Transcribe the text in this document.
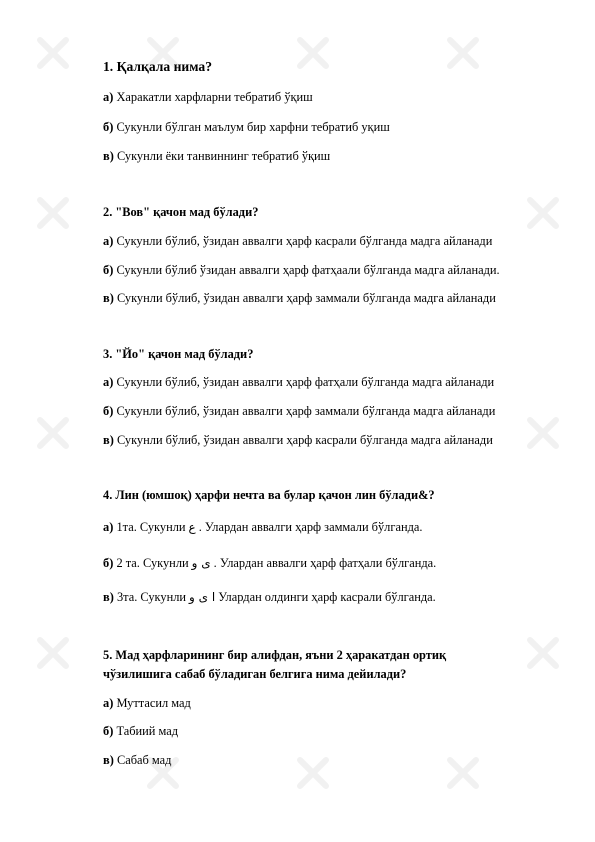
1. Қалқала нима?
а) Харакатли харфларни тебратиб ўқиш
б) Сукунли бўлган маълум бир харфни тебратиб уқиш
в) Сукунли ёки танвиннинг тебратиб ўқиш
2. "Вов" қачон мад бўлади?
а) Сукунли бўлиб, ўзидан аввалги ҳарф касрали бўлганда мадга айланади
б) Сукунли бўлиб ўзидан аввалги ҳарф фатҳаали бўлганда мадга айланади.
в) Сукунли бўлиб, ўзидан аввалги ҳарф заммали бўлганда мадга айланади
3. "Йо" қачон мад бўлади?
а) Сукунли бўлиб, ўзидан аввалги ҳарф фатҳали бўлганда мадга айланади
б) Сукунли бўлиб, ўзидан аввалги ҳарф заммали бўлганда мадга айланади
в) Сукунли бўлиб, ўзидан аввалги ҳарф касрали бўлганда мадга айланади
4. Лин (юмшоқ) ҳарфи нечта ва булар қачон лин бўлади&?
а) 1та. Сукунли ع . Улардан аввалги ҳарф заммали бўлганда.
б) 2 та. Сукунли ى و . Улардан аввалги ҳарф фатҳали бўлганда.
в) 3та. Сукунли ا ى و Улардан олдинги ҳарф касрали бўлганда.
5. Мад ҳарфларининг бир алифдан, яъни 2 ҳаракатдан ортиқ
чўзилишига сабаб бўладиган белгига нима дейилади?
а) Муттасил мад
б) Табиий мад
в) Сабаб мад
